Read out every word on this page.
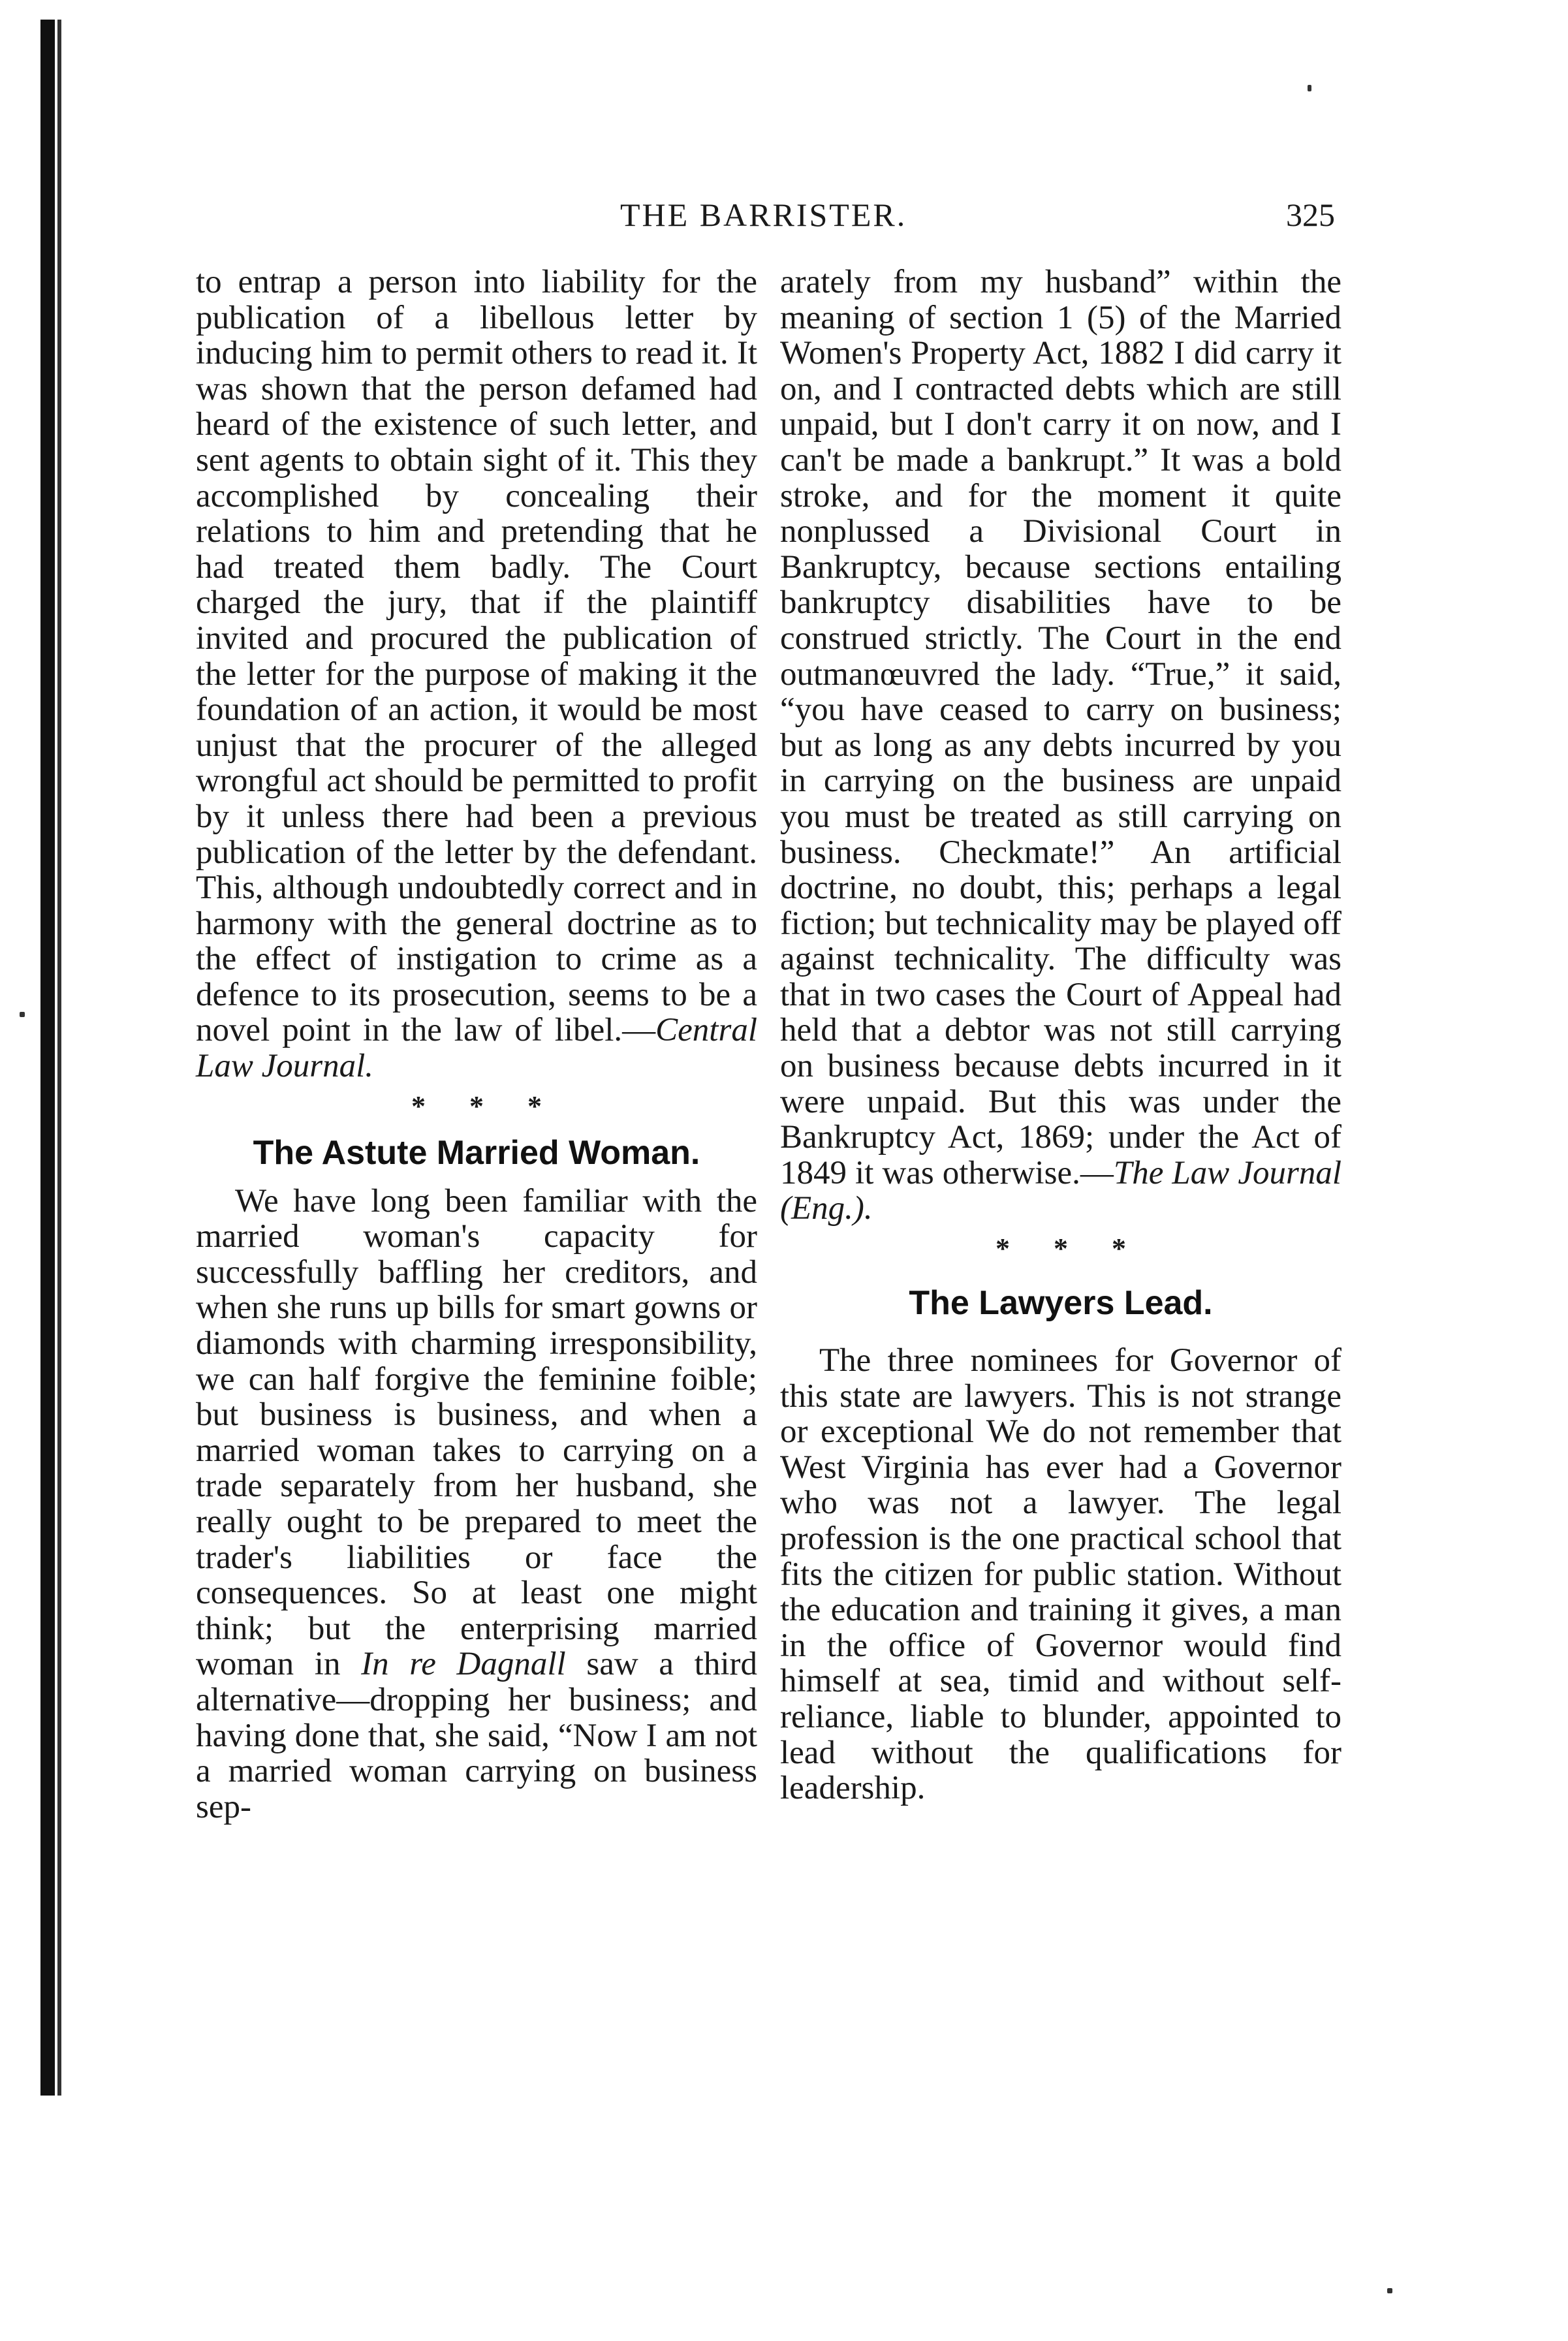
THE BARRISTER.	325

to entrap a person into liability for the publication of a libellous letter by inducing him to permit others to read it. It was shown that the person defamed had heard of the existence of such letter, and sent agents to obtain sight of it. This they accomplished by concealing their relations to him and pretending that he had treated them badly. The Court charged the jury, that if the plaintiff invited and procured the publication of the letter for the purpose of making it the foundation of an action, it would be most unjust that the procurer of the alleged wrongful act should be permitted to profit by it unless there had been a previous publication of the letter by the defendant. This, although undoubtedly correct and in harmony with the general doctrine as to the effect of instigation to crime as a defence to its prosecution, seems to be a novel point in the law of libel.—Central Law Journal.

* * *
The Astute Married Woman.

We have long been familiar with the married woman's capacity for successfully baffling her creditors, and when she runs up bills for smart gowns or diamonds with charming irresponsibility, we can half forgive the feminine foible; but business is business, and when a married woman takes to carrying on a trade separately from her husband, she really ought to be prepared to meet the trader's liabilities or face the consequences. So at least one might think; but the enterprising married woman in In re Dagnall saw a third alternative—dropping her business; and having done that, she said, “Now I am not a married woman carrying on business sep-

arately from my husband” within the meaning of section 1 (5) of the Married Women's Property Act, 1882 I did carry it on, and I contracted debts which are still unpaid, but I don't carry it on now, and I can't be made a bankrupt.” It was a bold stroke, and for the moment it quite nonplussed a Divisional Court in Bankruptcy, because sections entailing bankruptcy disabilities have to be construed strictly. The Court in the end outmanœuvred the lady. “True,” it said, “you have ceased to carry on business; but as long as any debts incurred by you in carrying on the business are unpaid you must be treated as still carrying on business. Checkmate!” An artificial doctrine, no doubt, this; perhaps a legal fiction; but technicality may be played off against technicality. The difficulty was that in two cases the Court of Appeal had held that a debtor was not still carrying on business because debts incurred in it were unpaid. But this was under the Bankruptcy Act, 1869; under the Act of 1849 it was otherwise.—The Law Journal (Eng.).

* * *
The Lawyers Lead.

The three nominees for Governor of this state are lawyers. This is not strange or exceptional We do not remember that West Virginia has ever had a Governor who was not a lawyer. The legal profession is the one practical school that fits the citizen for public station. Without the education and training it gives, a man in the office of Governor would find himself at sea, timid and without self-reliance, liable to blunder, appointed to lead without the qualifications for leadership.
